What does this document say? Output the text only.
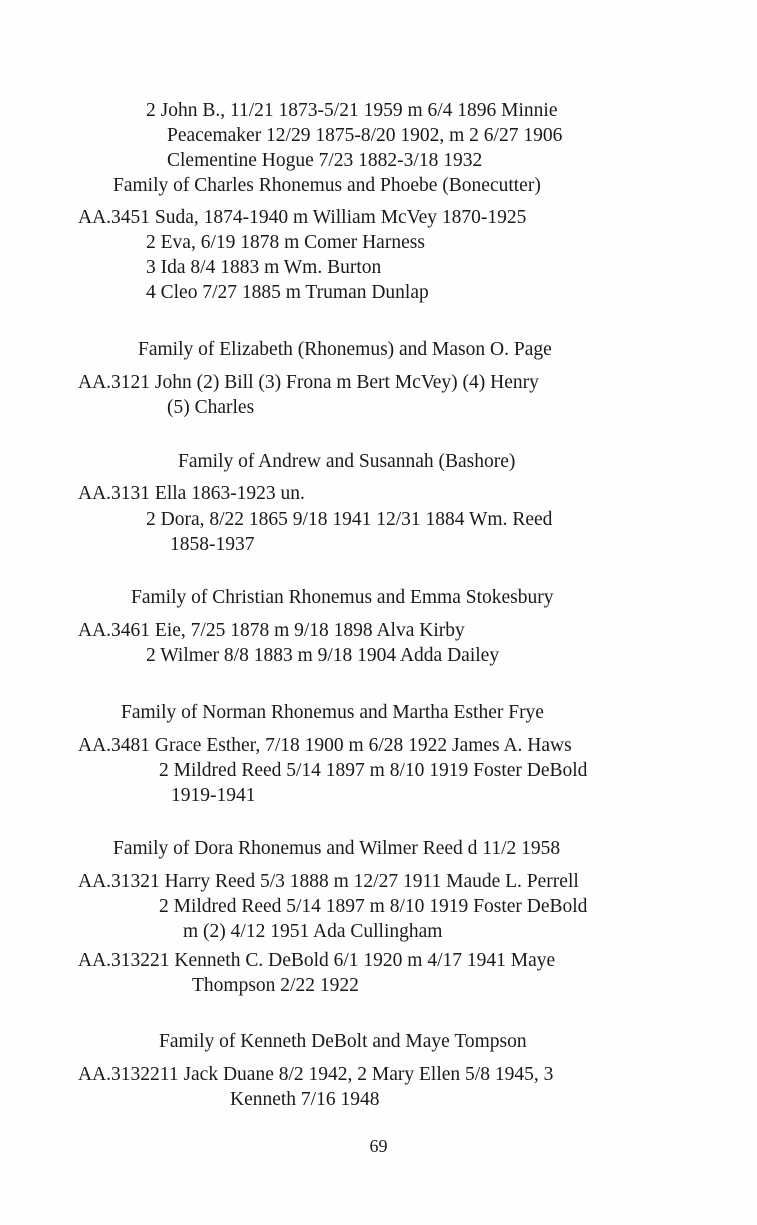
2 John B., 11/21 1873-5/21 1959 m 6/4 1896 Minnie
Peacemaker 12/29 1875-8/20 1902, m 2 6/27 1906
Clementine Hogue 7/23 1882-3/18 1932
Family of Charles Rhonemus and Phoebe (Bonecutter)
AA.3451 Suda, 1874-1940 m William McVey 1870-1925
2 Eva, 6/19 1878 m Comer Harness
3 Ida 8/4 1883 m Wm. Burton
4 Cleo 7/27 1885 m Truman Dunlap
Family of Elizabeth (Rhonemus) and Mason O. Page
AA.3121 John (2) Bill (3) Frona m Bert McVey) (4) Henry
(5) Charles
Family of Andrew and Susannah (Bashore)
AA.3131 Ella 1863-1923 un.
2 Dora, 8/22 1865 9/18 1941 12/31 1884 Wm. Reed
1858-1937
Family of Christian Rhonemus and Emma Stokesbury
AA.3461 Eie, 7/25 1878 m 9/18 1898 Alva Kirby
2 Wilmer 8/8 1883 m 9/18 1904 Adda Dailey
Family of Norman Rhonemus and Martha Esther Frye
AA.3481 Grace Esther, 7/18 1900 m 6/28 1922 James A. Haws
2 Mildred Reed 5/14 1897 m 8/10 1919 Foster DeBold
1919-1941
Family of Dora Rhonemus and Wilmer Reed d 11/2 1958
AA.31321 Harry Reed 5/3 1888 m 12/27 1911 Maude L. Perrell
2 Mildred Reed 5/14 1897 m 8/10 1919 Foster DeBold
m (2) 4/12 1951 Ada Cullingham
AA.313221 Kenneth C. DeBold 6/1 1920 m 4/17 1941 Maye
Thompson 2/22 1922
Family of Kenneth DeBolt and Maye Tompson
AA.3132211 Jack Duane 8/2 1942, 2 Mary Ellen 5/8 1945, 3
Kenneth 7/16 1948
69
